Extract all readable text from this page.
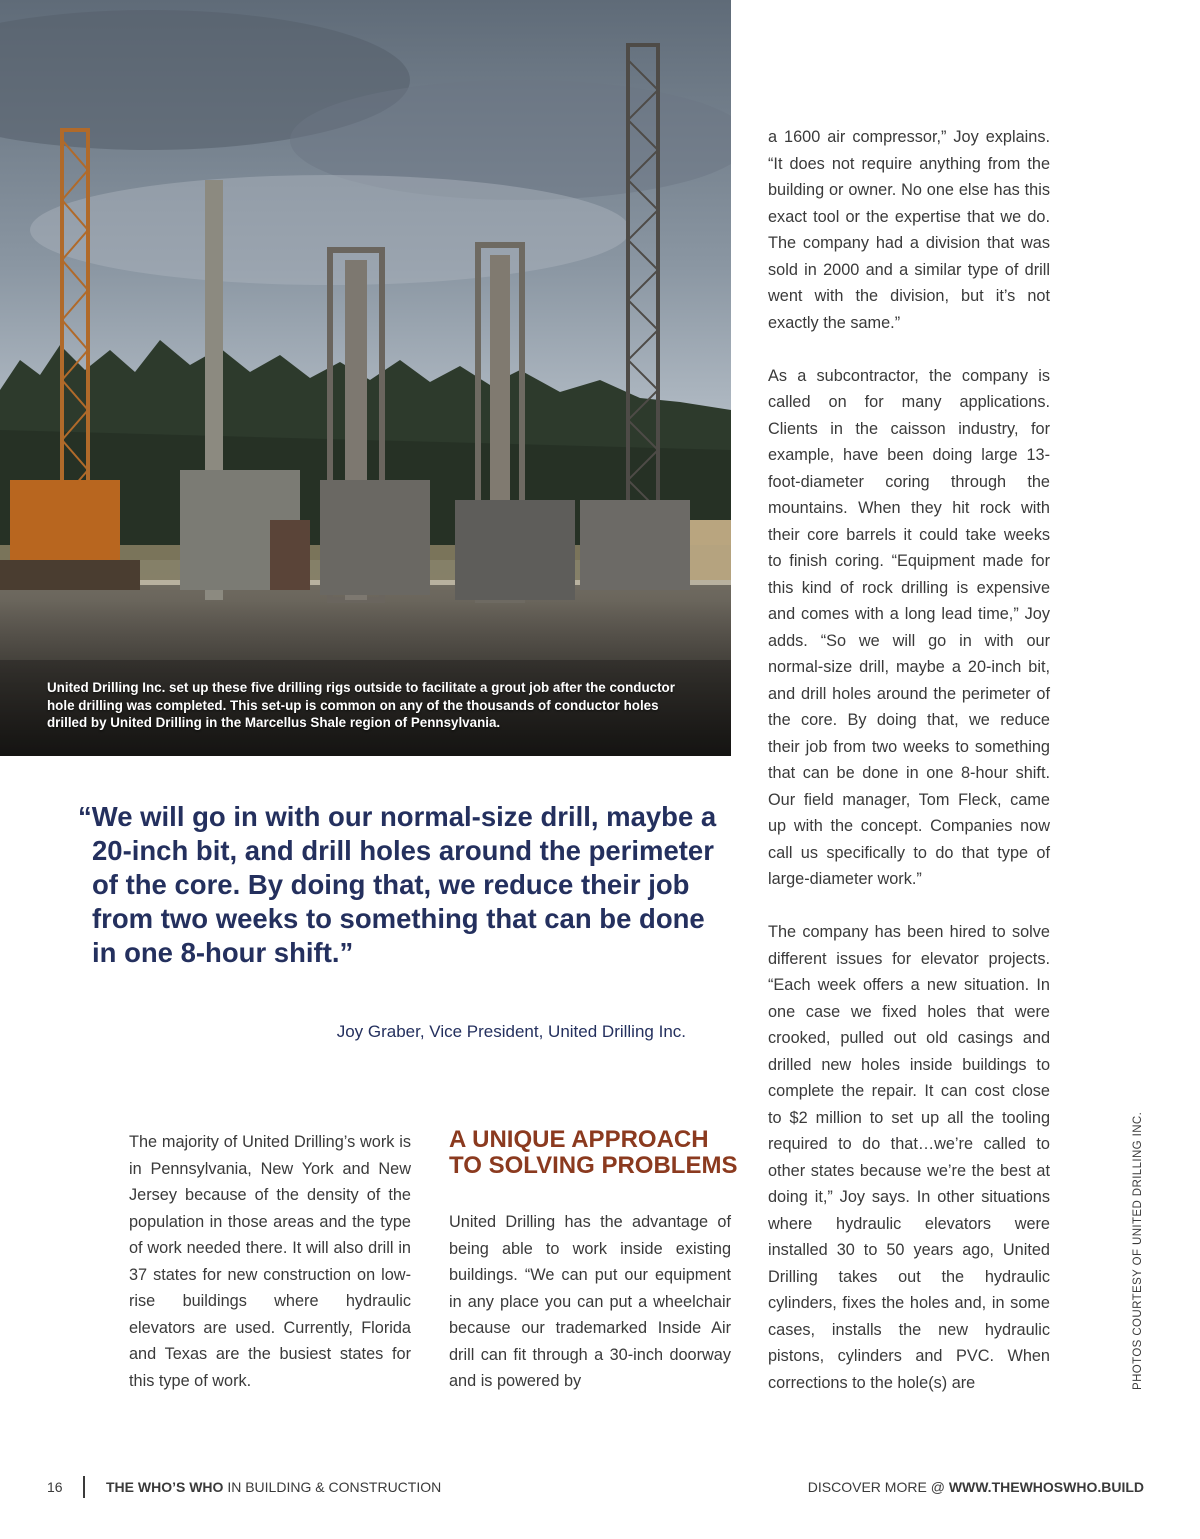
United Drilling Inc. set up these five drilling rigs outside to facilitate a grout job after the conductor hole drilling was completed. This set-up is common on any of the thousands of conductor holes drilled by United Drilling in the Marcellus Shale region of Pennsylvania.
“We will go in with our normal-size drill, maybe a 20-inch bit, and drill holes around the perimeter of the core. By doing that, we reduce their job from two weeks to something that can be done in one 8-hour shift.”
Joy Graber, Vice President, United Drilling Inc.

The majority of United Drilling’s work is in Pennsylvania, New York and New Jersey because of the density of the population in those areas and the type of work needed there. It will also drill in 37 states for new construction on low-rise buildings where hydraulic elevators are used. Currently, Florida and Texas are the busiest states for this type of work.

A UNIQUE APPROACH TO SOLVING PROBLEMS

United Drilling has the advantage of being able to work inside existing buildings. “We can put our equipment in any place you can put a wheelchair because our trademarked Inside Air drill can fit through a 30-inch doorway and is powered by

a 1600 air compressor,” Joy explains. “It does not require anything from the building or owner. No one else has this exact tool or the expertise that we do. The company had a division that was sold in 2000 and a similar type of drill went with the division, but it’s not exactly the same.”

As a subcontractor, the company is called on for many applications. Clients in the caisson industry, for example, have been doing large 13-foot-diameter coring through the mountains. When they hit rock with their core barrels it could take weeks to finish coring. “Equipment made for this kind of rock drilling is expensive and comes with a long lead time,” Joy adds. “So we will go in with our normal-size drill, maybe a 20-inch bit, and drill holes around the perimeter of the core. By doing that, we reduce their job from two weeks to something that can be done in one 8-hour shift. Our field manager, Tom Fleck, came up with the concept. Companies now call us specifically to do that type of large-diameter work.”

The company has been hired to solve different issues for elevator projects. “Each week offers a new situation. In one case we fixed holes that were crooked, pulled out old casings and drilled new holes inside buildings to complete the repair. It can cost close to $2 million to set up all the tooling required to do that…we’re called to other states because we’re the best at doing it,” Joy says. In other situations where hydraulic elevators were installed 30 to 50 years ago, United Drilling takes out the hydraulic cylinders, fixes the holes and, in some cases, installs the new hydraulic pistons, cylinders and PVC. When corrections to the hole(s) are	PHOTOS COURTESY OF UNITED DRILLING INC.
16	THE WHO’S WHO IN BUILDING & CONSTRUCTION	DISCOVER MORE @ WWW.THEWHOSWHO.BUILD
